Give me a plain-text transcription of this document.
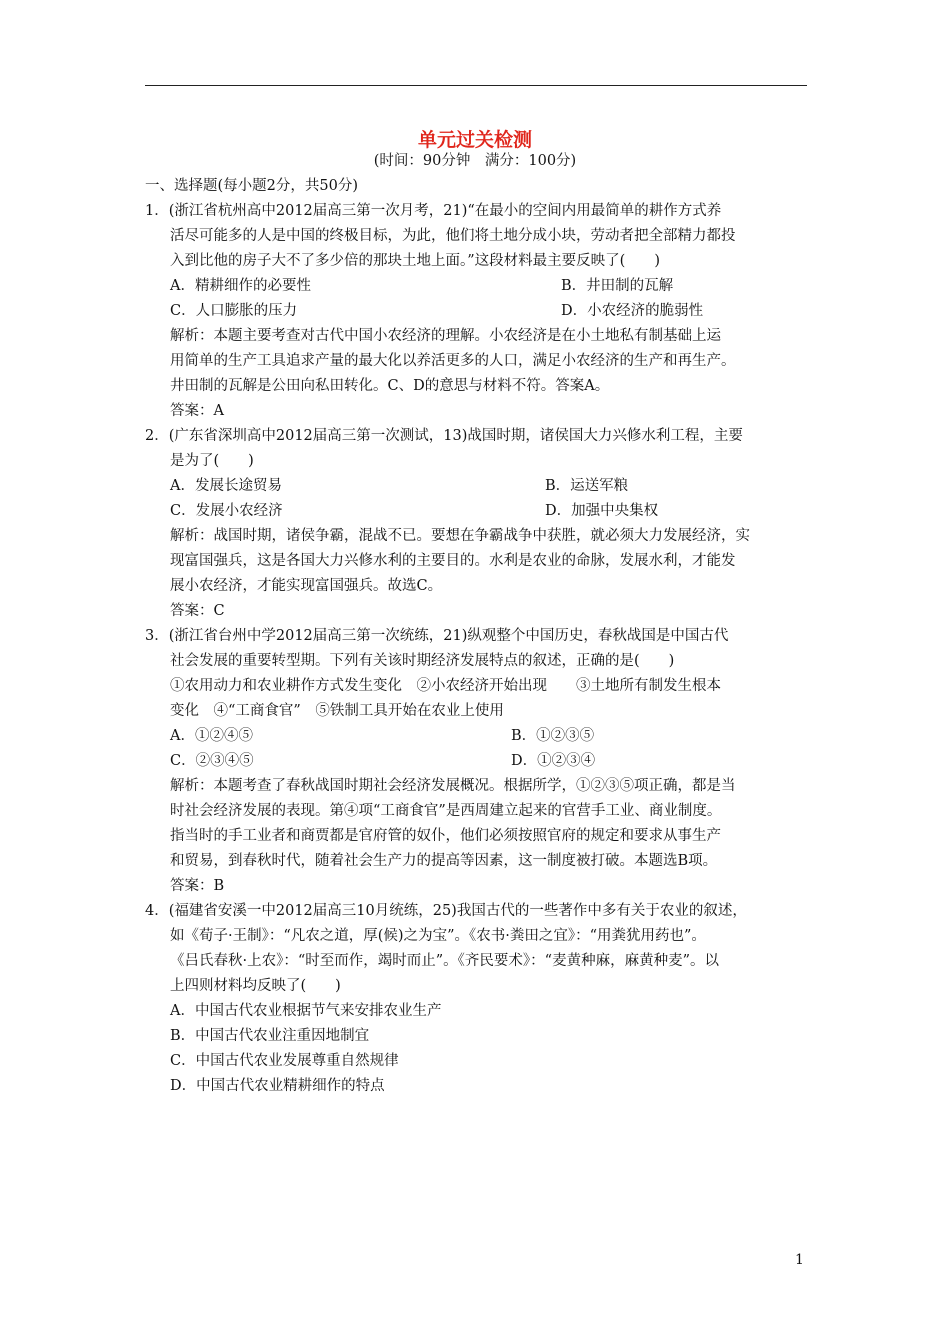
单元过关检测
(时间：90分钟　满分：100分)
一、选择题(每小题2分，共50分)
1．(浙江省杭州高中2012届高三第一次月考，21)“在最小的空间内用最简单的耕作方式养
活尽可能多的人是中国的终极目标，为此，他们将土地分成小块，劳动者把全部精力都投
入到比他的房子大不了多少倍的那块土地上面。”这段材料最主要反映了(　　)
A．精耕细作的必要性	B．井田制的瓦解
C．人口膨胀的压力	D．小农经济的脆弱性
解析：本题主要考查对古代中国小农经济的理解。小农经济是在小土地私有制基础上运
用简单的生产工具追求产量的最大化以养活更多的人口，满足小农经济的生产和再生产。
井田制的瓦解是公田向私田转化。C、D的意思与材料不符。答案A。
答案：A
2．(广东省深圳高中2012届高三第一次测试，13)战国时期，诸侯国大力兴修水利工程，主要
是为了(　　)
A．发展长途贸易	B．运送军粮
C．发展小农经济	D．加强中央集权
解析：战国时期，诸侯争霸，混战不已。要想在争霸战争中获胜，就必须大力发展经济，实
现富国强兵，这是各国大力兴修水利的主要目的。水利是农业的命脉，发展水利，才能发
展小农经济，才能实现富国强兵。故选C。
答案：C
3．(浙江省台州中学2012届高三第一次统练，21)纵观整个中国历史，春秋战国是中国古代
社会发展的重要转型期。下列有关该时期经济发展特点的叙述，正确的是(　　)
①农用动力和农业耕作方式发生变化　②小农经济开始出现　　③土地所有制发生根本
变化　④“工商食官”　⑤铁制工具开始在农业上使用
A．①②④⑤	B．①②③⑤
C．②③④⑤	D．①②③④
解析：本题考查了春秋战国时期社会经济发展概况。根据所学，①②③⑤项正确，都是当
时社会经济发展的表现。第④项“工商食官”是西周建立起来的官营手工业、商业制度。
指当时的手工业者和商贾都是官府管的奴仆，他们必须按照官府的规定和要求从事生产
和贸易，到春秋时代，随着社会生产力的提高等因素，这一制度被打破。本题选B项。
答案：B
4．(福建省安溪一中2012届高三10月统练，25)我国古代的一些著作中多有关于农业的叙述，
如《荀子·王制》：“凡农之道，厚(候)之为宝”。《农书·粪田之宜》：“用粪犹用药也”。
《吕氏春秋·上农》：“时至而作，竭时而止”。《齐民要术》：“麦黄种麻，麻黄种麦”。以
上四则材料均反映了(　　)
A．中国古代农业根据节气来安排农业生产
B．中国古代农业注重因地制宜
C．中国古代农业发展尊重自然规律
D．中国古代农业精耕细作的特点
1
